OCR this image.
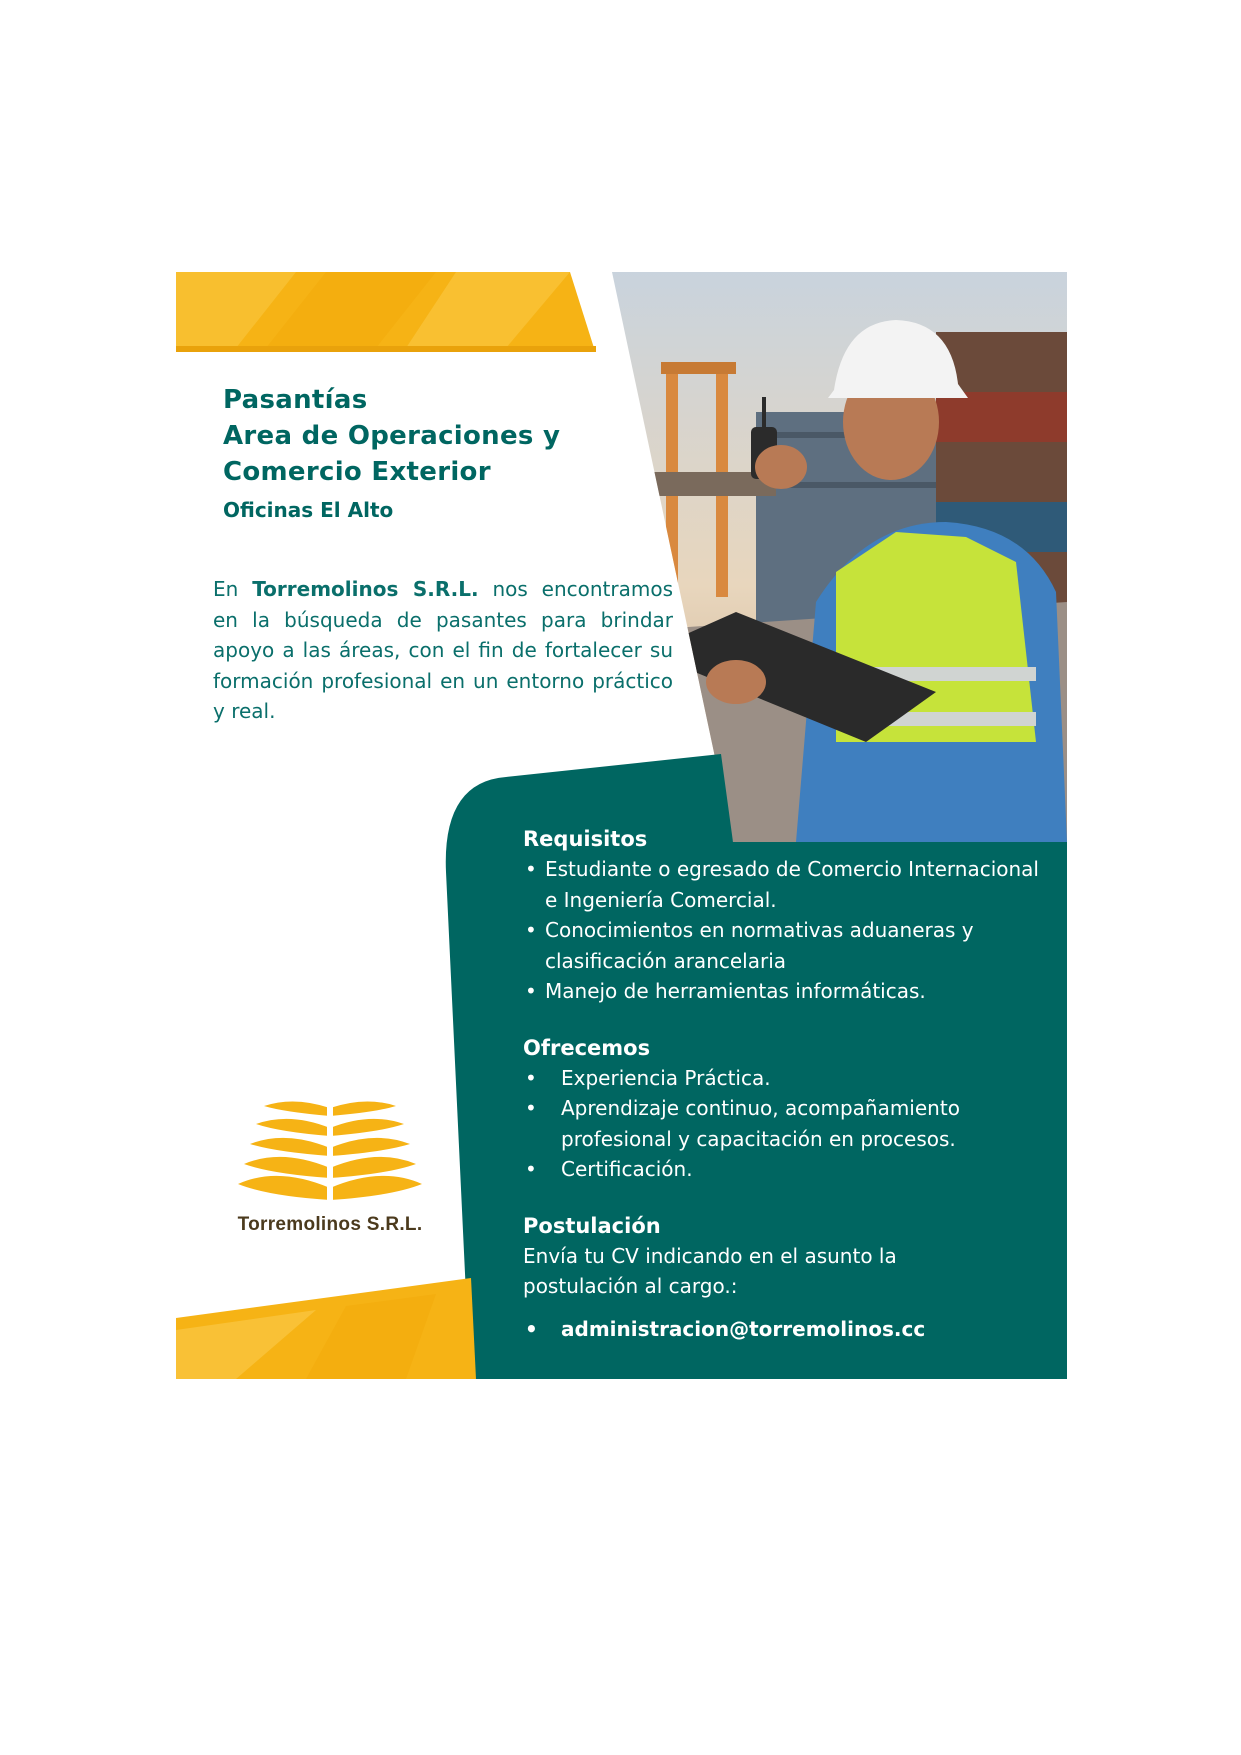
Pasantías
Area de Operaciones y
Comercio Exterior
Oficinas El Alto

En Torremolinos S.R.L. nos encontramos en la búsqueda de pasantes para brindar apoyo a las áreas, con el fin de fortalecer su formación profesional en un entorno práctico y real.

Torremolinos S.R.L.
Requisitos
• Estudiante o egresado de Comercio Internacional e Ingeniería Comercial.
• Conocimientos en normativas aduaneras y clasificación arancelaria
• Manejo de herramientas informáticas.
Ofrecemos
• Experiencia Práctica.
• Aprendizaje continuo, acompañamiento profesional y capacitación en procesos.
• Certificación.
Postulación

Envía tu CV indicando en el asunto la postulación al cargo.:

• administracion@torremolinos.cc
